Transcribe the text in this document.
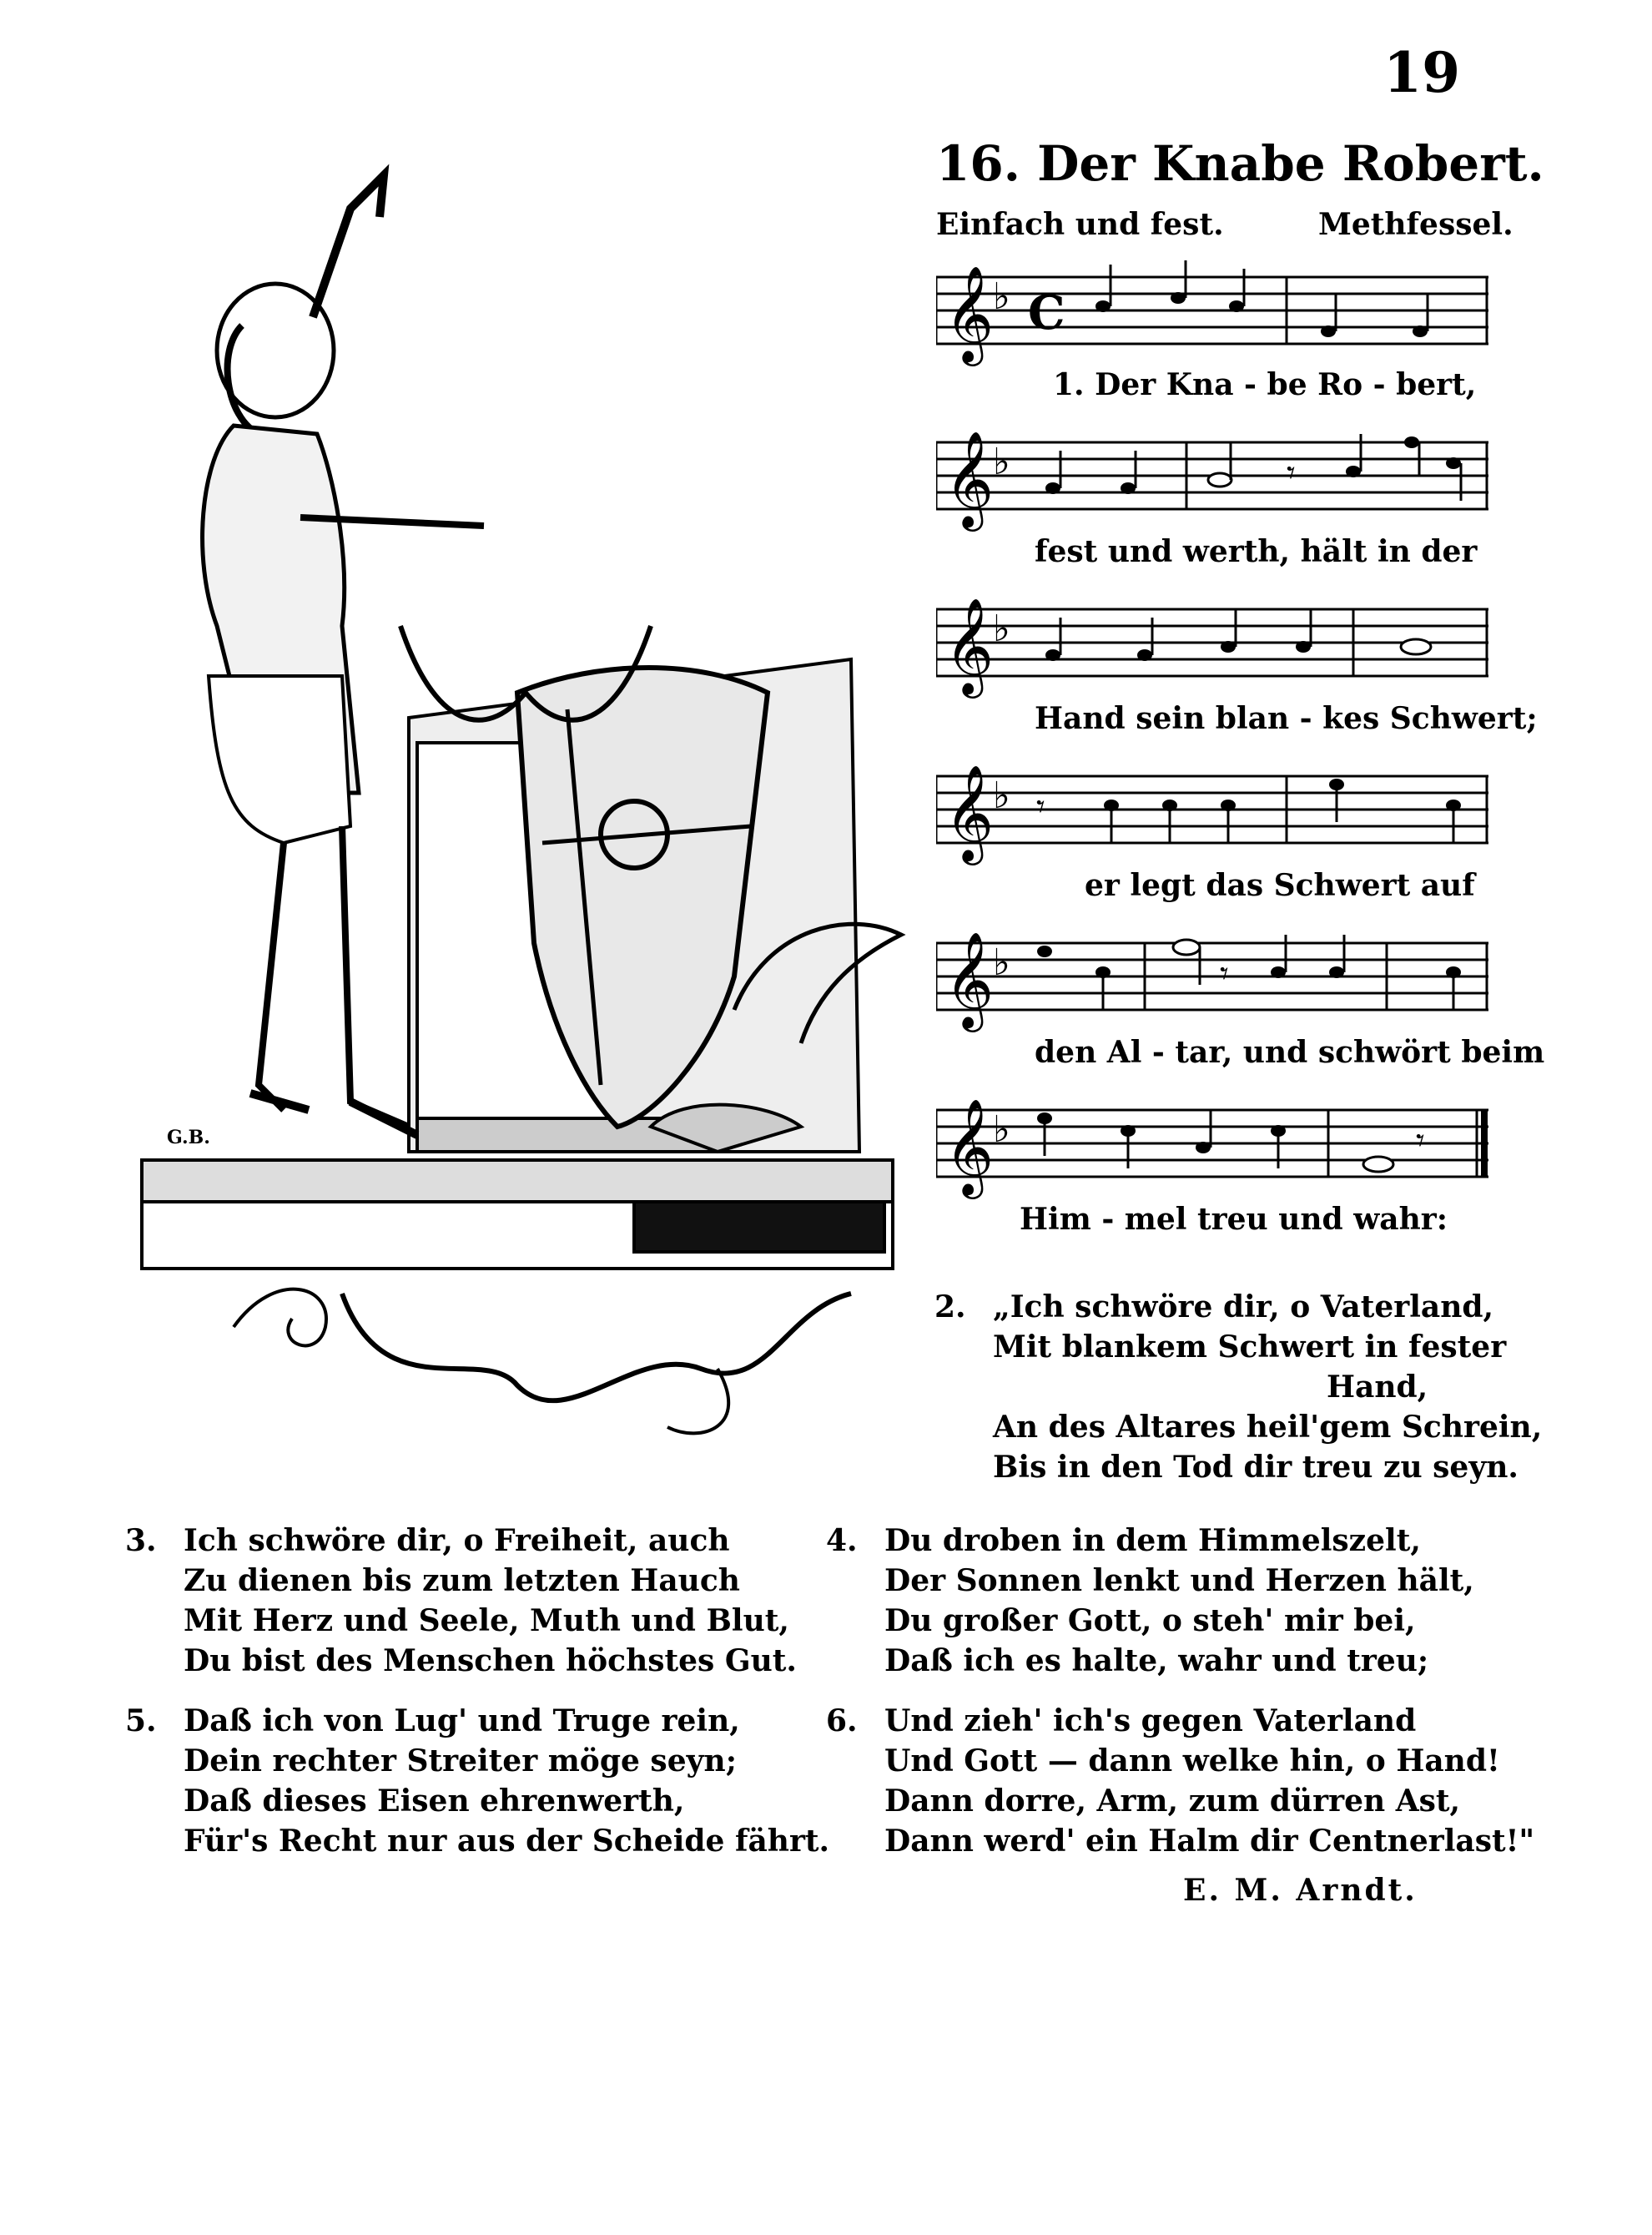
19
16. Der Knabe Robert.
Einfach und fest.	Methfessel.
G.B.
𝄞
♭ C
1. Der Kna - be Ro - bert,
𝄞
♭	𝄾
fest und werth, hält in der
𝄞
♭
Hand sein blan - kes Schwert;
𝄞
♭ 𝄾
er legt das Schwert auf
𝄞
♭	𝄾
den Al - tar, und schwört beim
𝄞
♭	𝄾
Him - mel treu und wahr:
2. „Ich schwöre dir, o Vaterland,
Mit blankem Schwert in fester
Hand,
An des Altares heil'gem Schrein,
Bis in den Tod dir treu zu seyn.
3. Ich schwöre dir, o Freiheit, auch
Zu dienen bis zum letzten Hauch
Mit Herz und Seele, Muth und Blut,
Du bist des Menschen höchstes Gut.
4. Du droben in dem Himmelszelt,
Der Sonnen lenkt und Herzen hält,
Du großer Gott, o steh' mir bei,
Daß ich es halte, wahr und treu;
5. Daß ich von Lug' und Truge rein,
Dein rechter Streiter möge seyn;
Daß dieses Eisen ehrenwerth,
Für's Recht nur aus der Scheide fährt.
6. Und zieh' ich's gegen Vaterland
Und Gott — dann welke hin, o Hand!
Dann dorre, Arm, zum dürren Ast,
Dann werd' ein Halm dir Centnerlast!"
E. M. Arndt.
